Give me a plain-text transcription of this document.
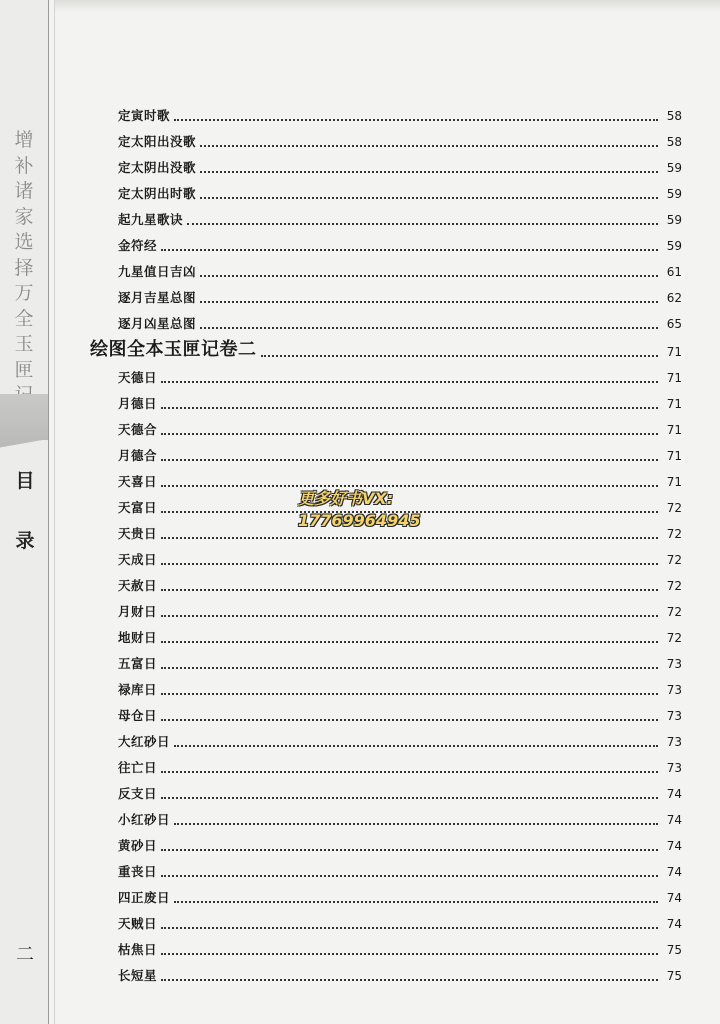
增
补
诸
家
选
择
万
全
玉
匣
目
录
二
定寅时歌	58
定太阳出没歌	58
定太阴出没歌	59
定太阴出时歌	59
起九星歌诀	59
金符经	59
九星值日吉凶	61
逐月吉星总图	62
逐月凶星总图	65
绘图全本玉匣记卷二	71
天德日	71
月德日	71
天德合	71
月德合	71
天喜日	71
天富日	72
天贵日	72
天成日	72
天赦日	72
月财日	72
地财日	72
五富日	73
禄库日	73
母仓日	73
大红砂日	73
往亡日	73
反支日	74
小红砂日	74
黄砂日	74
重丧日	74
四正废日	74
天贼日	74
枯焦日	75
长短星	75
更多好书VX:
17769964945
